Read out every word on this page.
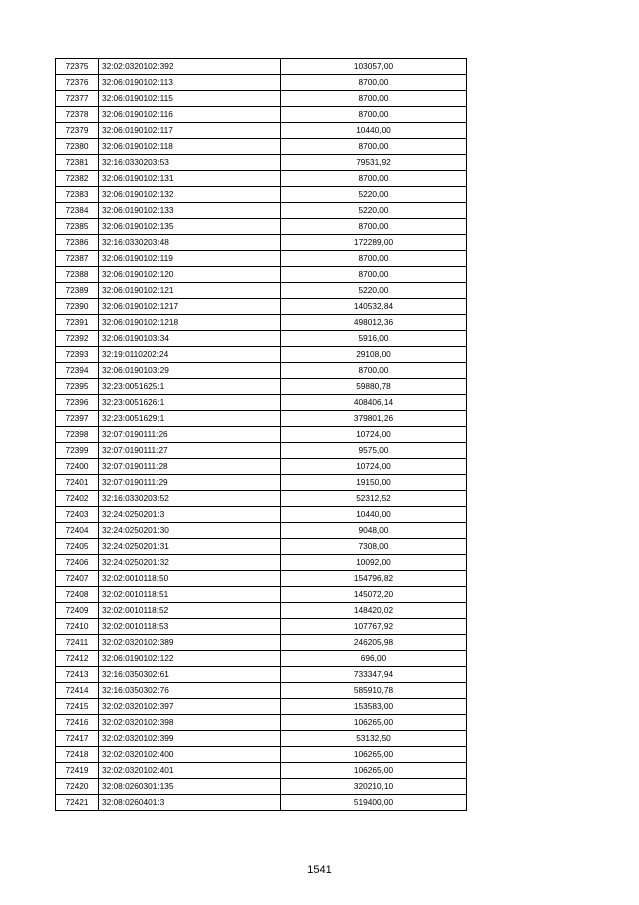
72375	32:02:0320102:392	103057,00
72376	32:06:0190102:113	8700,00
72377	32:06:0190102:115	8700,00
72378	32:06:0190102:116	8700,00
72379	32:06:0190102:117	10440,00
72380	32:06:0190102:118	8700,00
72381	32:16:0330203:53	79531,92
72382	32:06:0190102:131	8700,00
72383	32:06:0190102:132	5220,00
72384	32:06:0190102:133	5220,00
72385	32:06:0190102:135	8700,00
72386	32:16:0330203:48	172289,00
72387	32:06:0190102:119	8700,00
72388	32:06:0190102:120	8700,00
72389	32:06:0190102:121	5220,00
72390	32:06:0190102:1217	140532,84
72391	32:06:0190102:1218	498012,36
72392	32:06:0190103:34	5916,00
72393	32:19:0110202:24	29108,00
72394	32:06:0190103:29	8700,00
72395	32:23:0051625:1	59880,78
72396	32:23:0051626:1	408406,14
72397	32:23:0051629:1	379801,26
72398	32:07:0190111:26	10724,00
72399	32:07:0190111:27	9575,00
72400	32:07:0190111:28	10724,00
72401	32:07:0190111:29	19150,00
72402	32:16:0330203:52	52312,52
72403	32:24:0250201:3	10440,00
72404	32:24:0250201:30	9048,00
72405	32:24:0250201:31	7308,00
72406	32:24:0250201:32	10092,00
72407	32:02:0010118:50	154796,82
72408	32:02:0010118:51	145072,20
72409	32:02:0010118:52	148420,02
72410	32:02:0010118:53	107767,92
72411	32:02:0320102:389	246205,98
72412	32:06:0190102:122	696,00
72413	32:16:0350302:61	733347,94
72414	32:16:0350302:76	585910,78
72415	32:02:0320102:397	153583,00
72416	32:02:0320102:398	106265,00
72417	32:02:0320102:399	53132,50
72418	32:02:0320102:400	106265,00
72419	32:02:0320102:401	106265,00
72420	32:08:0260301:135	320210,10
72421	32:08:0260401:3	519400,00
1541
